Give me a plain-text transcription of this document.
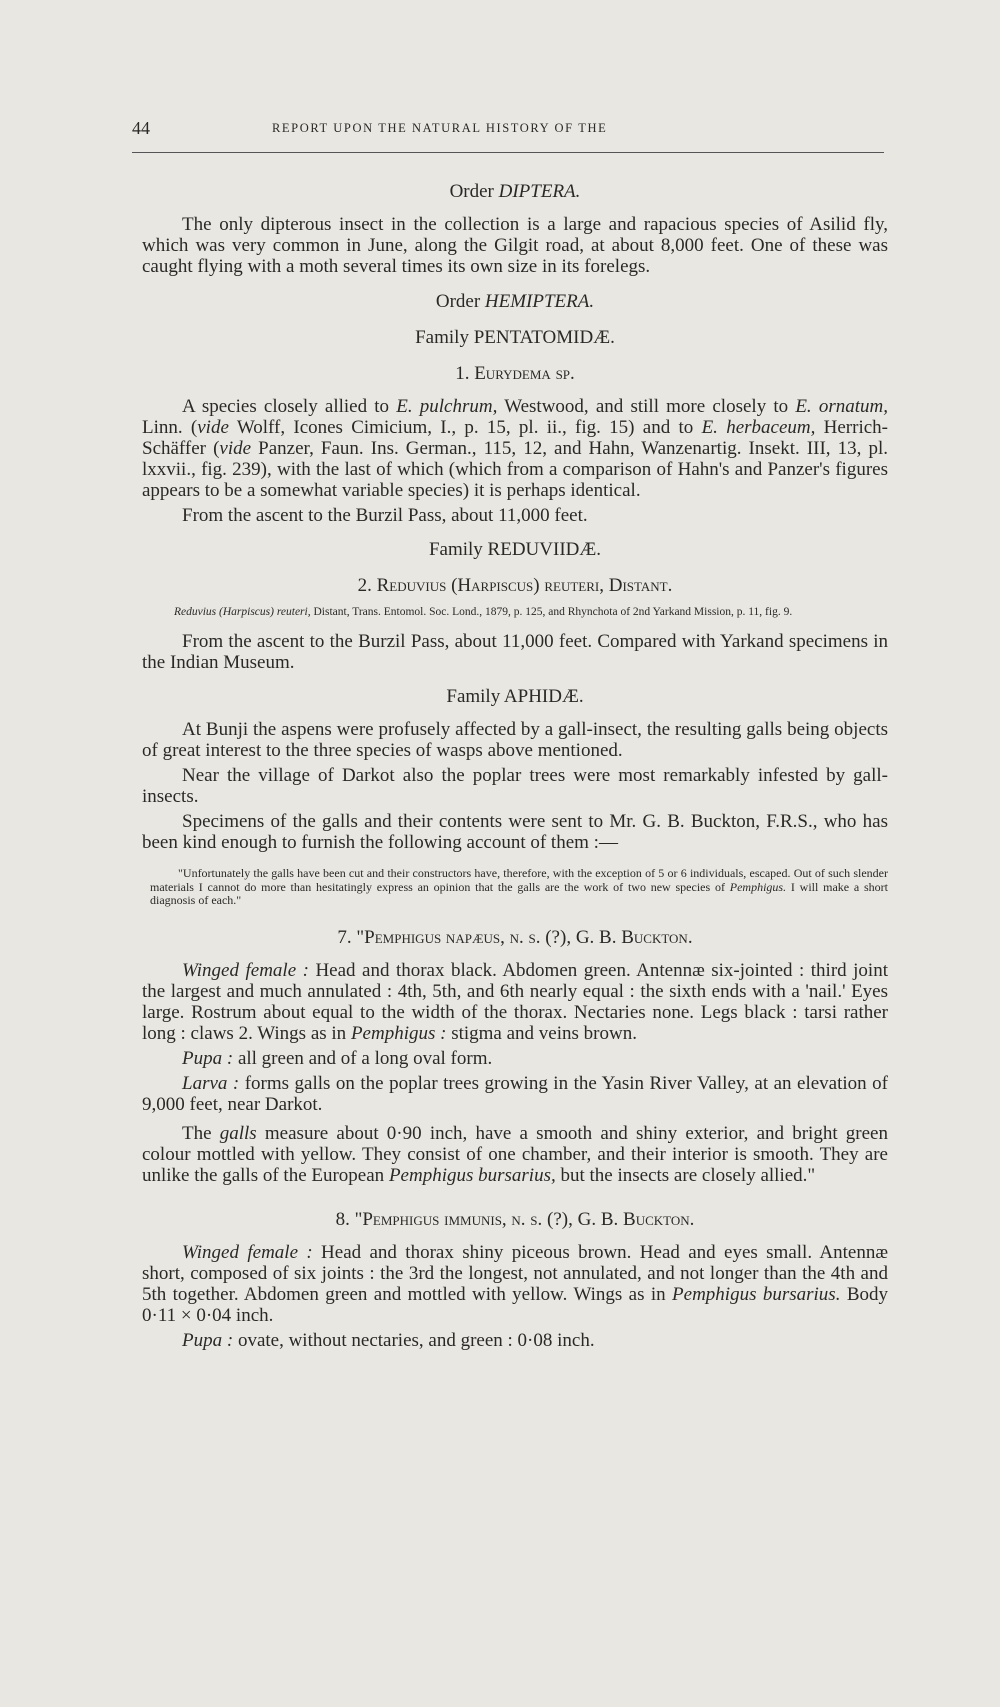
44	REPORT UPON THE NATURAL HISTORY OF THE
Order DIPTERA.

The only dipterous insect in the collection is a large and rapacious species of Asilid fly, which was very common in June, along the Gilgit road, at about 8,000 feet. One of these was caught flying with a moth several times its own size in its forelegs.

Order HEMIPTERA.
Family PENTATOMIDÆ.
1. Eurydema sp.

A species closely allied to E. pulchrum, Westwood, and still more closely to E. ornatum, Linn. (vide Wolff, Icones Cimicium, I., p. 15, pl. ii., fig. 15) and to E. herbaceum, Herrich-Schäffer (vide Panzer, Faun. Ins. German., 115, 12, and Hahn, Wanzenartig. Insekt. III, 13, pl. lxxvii., fig. 239), with the last of which (which from a comparison of Hahn's and Panzer's figures appears to be a somewhat variable species) it is perhaps identical.

From the ascent to the Burzil Pass, about 11,000 feet.

Family REDUVIIDÆ.
2. Reduvius (Harpiscus) reuteri, Distant.

Reduvius (Harpiscus) reuteri, Distant, Trans. Entomol. Soc. Lond., 1879, p. 125, and Rhynchota of 2nd Yarkand Mission, p. 11, fig. 9.

From the ascent to the Burzil Pass, about 11,000 feet. Compared with Yarkand specimens in the Indian Museum.

Family APHIDÆ.

At Bunji the aspens were profusely affected by a gall-insect, the resulting galls being objects of great interest to the three species of wasps above mentioned.

Near the village of Darkot also the poplar trees were most remarkably infested by gall-insects.

Specimens of the galls and their contents were sent to Mr. G. B. Buckton, F.R.S., who has been kind enough to furnish the following account of them :—

"Unfortunately the galls have been cut and their constructors have, therefore, with the exception of 5 or 6 individuals, escaped. Out of such slender materials I cannot do more than hesitatingly express an opinion that the galls are the work of two new species of Pemphigus. I will make a short diagnosis of each."

7. "Pemphigus napæus, n. s. (?), G. B. Buckton.

Winged female : Head and thorax black. Abdomen green. Antennæ six-jointed : third joint the largest and much annulated : 4th, 5th, and 6th nearly equal : the sixth ends with a 'nail.' Eyes large. Rostrum about equal to the width of the thorax. Nectaries none. Legs black : tarsi rather long : claws 2. Wings as in Pemphigus : stigma and veins brown.

Pupa : all green and of a long oval form.

Larva : forms galls on the poplar trees growing in the Yasin River Valley, at an elevation of 9,000 feet, near Darkot.

The galls measure about 0·90 inch, have a smooth and shiny exterior, and bright green colour mottled with yellow. They consist of one chamber, and their interior is smooth. They are unlike the galls of the European Pemphigus bursarius, but the insects are closely allied."

8. "Pemphigus immunis, n. s. (?), G. B. Buckton.

Winged female : Head and thorax shiny piceous brown. Head and eyes small. Antennæ short, composed of six joints : the 3rd the longest, not annulated, and not longer than the 4th and 5th together. Abdomen green and mottled with yellow. Wings as in Pemphigus bursarius. Body 0·11 × 0·04 inch.

Pupa : ovate, without nectaries, and green : 0·08 inch.
